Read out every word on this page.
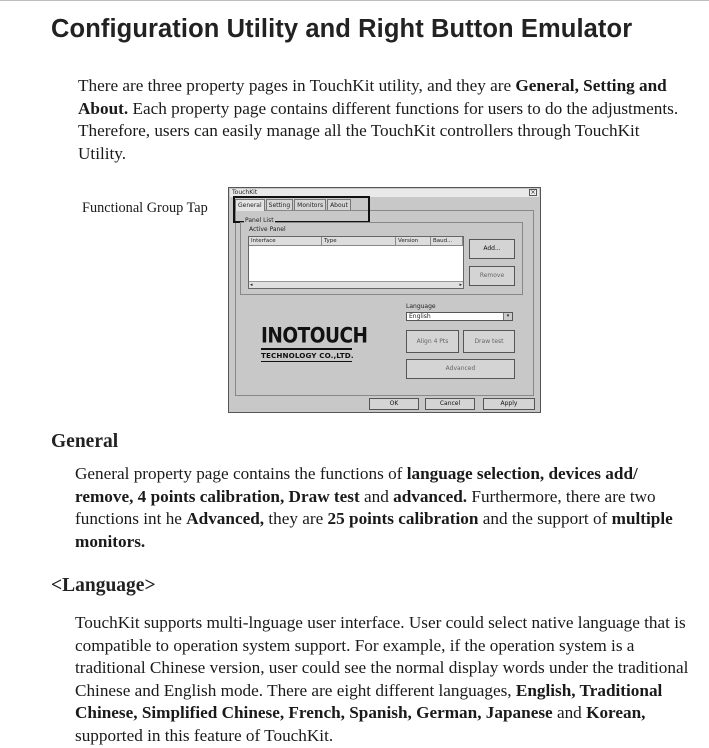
Configuration Utility and Right Button Emulator
There are three property pages in TouchKit utility, and they are General, Setting and About. Each property page contains different functions for users to do the adjustments. Therefore, users can easily manage all the TouchKit controllers through TouchKit Utility.
Functional Group Tap
TouchKit	×
General	Setting	Monitors	About
Panel List
Active Panel
Interface	Type	Version	Baud...
◂	▸
Add...
Remove
Language
English	▾
INOTOUCH
TECHNOLOGY CO.,LTD.
Align 4 Pts	Draw test
Advanced
OK	Cancel	Apply
General
General property page contains the functions of language selection, devices add/ remove, 4 points calibration, Draw test and advanced. Furthermore, there are two functions int he Advanced, they are 25 points calibration and the support of multiple monitors.
<Language>
TouchKit supports multi-lnguage user interface. User could select native language that is compatible to operation system support. For example, if the operation system is a traditional Chinese version, user could see the normal display words under the traditional Chinese and English mode. There are eight different languages, English, Traditional Chinese, Simplified Chinese, French, Spanish, German, Japanese and Korean, supported in this feature of TouchKit.
